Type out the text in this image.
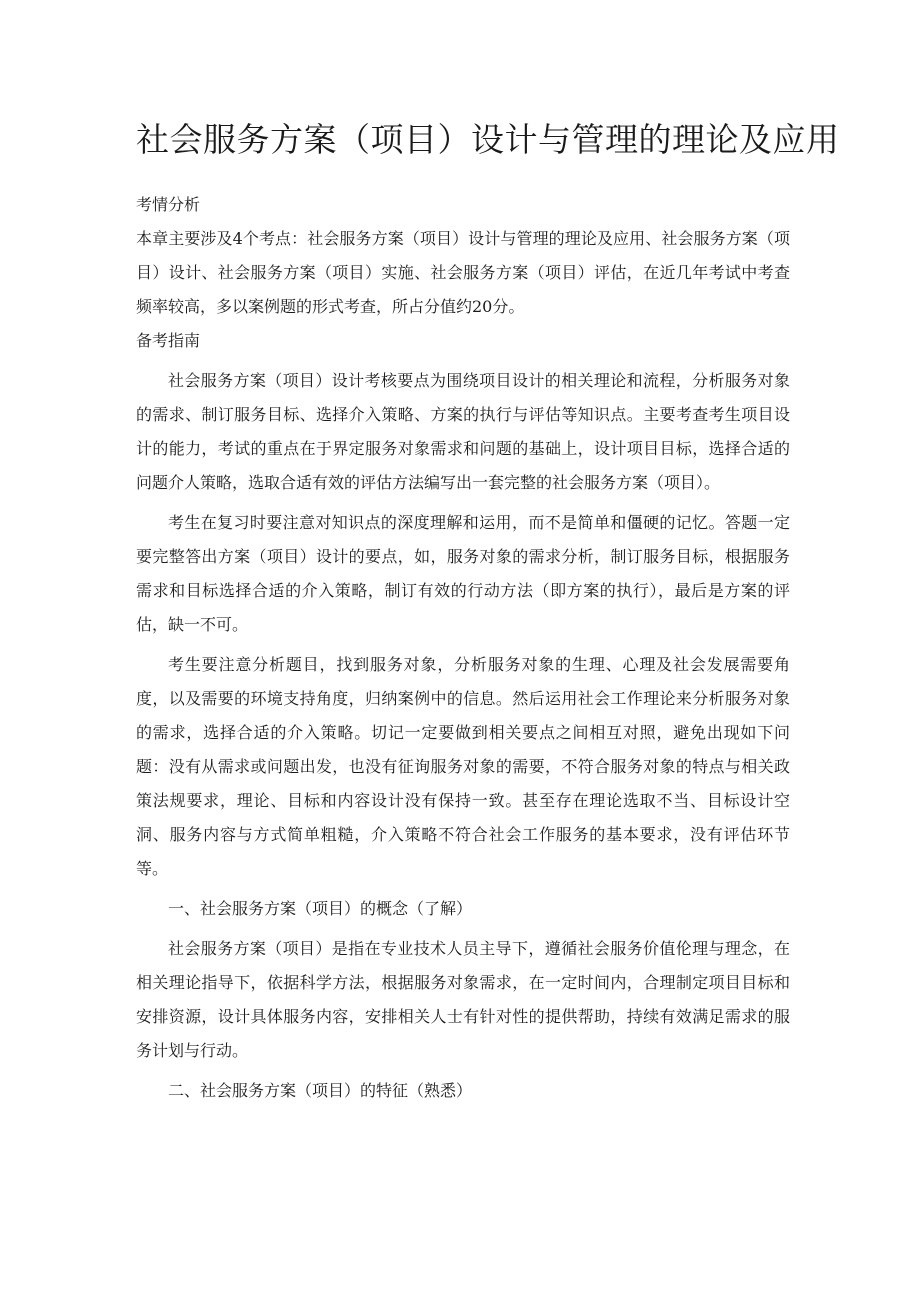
社会服务方案（项目）设计与管理的理论及应用

考情分析

本章主要涉及4个考点：社会服务方案（项目）设计与管理的理论及应用、社会服务方案（项目）设计、社会服务方案（项目）实施、社会服务方案（项目）评估，在近几年考试中考查频率较高，多以案例题的形式考查，所占分值约20分。

备考指南

社会服务方案（项目）设计考核要点为围绕项目设计的相关理论和流程，分析服务对象的需求、制订服务目标、选择介入策略、方案的执行与评估等知识点。主要考查考生项目设计的能力，考试的重点在于界定服务对象需求和问题的基础上，设计项目目标，选择合适的问题介人策略，选取合适有效的评估方法编写出一套完整的社会服务方案（项目）。

考生在复习时要注意对知识点的深度理解和运用，而不是简单和僵硬的记忆。答题一定要完整答出方案（项目）设计的要点，如，服务对象的需求分析，制订服务目标，根据服务需求和目标选择合适的介入策略，制订有效的行动方法（即方案的执行），最后是方案的评估，缺一不可。

考生要注意分析题目，找到服务对象，分析服务对象的生理、心理及社会发展需要角度，以及需要的环境支持角度，归纳案例中的信息。然后运用社会工作理论来分析服务对象的需求，选择合适的介入策略。切记一定要做到相关要点之间相互对照，避免出现如下问题：没有从需求或问题出发，也没有征询服务对象的需要，不符合服务对象的特点与相关政策法规要求，理论、目标和内容设计没有保持一致。甚至存在理论选取不当、目标设计空洞、服务内容与方式简单粗糙，介入策略不符合社会工作服务的基本要求，没有评估环节等。

一、社会服务方案（项目）的概念（了解）

社会服务方案（项目）是指在专业技术人员主导下，遵循社会服务价值伦理与理念，在相关理论指导下，依据科学方法，根据服务对象需求，在一定时间内，合理制定项目目标和安排资源，设计具体服务内容，安排相关人士有针对性的提供帮助，持续有效满足需求的服务计划与行动。

二、社会服务方案（项目）的特征（熟悉）
